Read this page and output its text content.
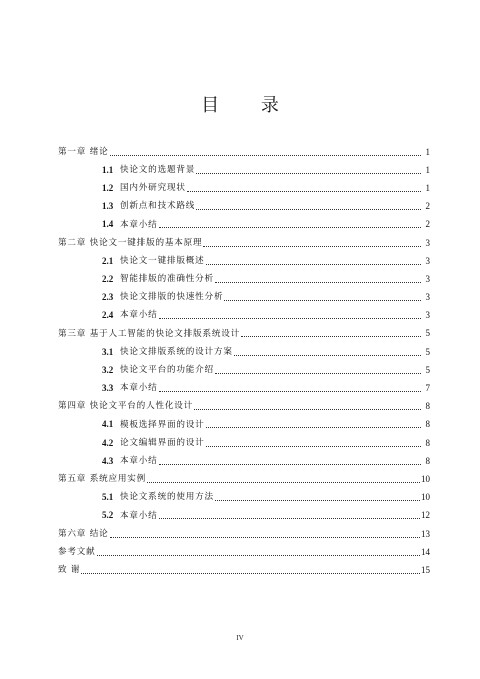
目 录
第一章 绪论	1
1.1 快论文的选题背景	1
1.2 国内外研究现状	1
1.3 创新点和技术路线	2
1.4 本章小结	2
第二章 快论文一键排版的基本原理	3
2.1 快论文一键排版概述	3
2.2 智能排版的准确性分析	3
2.3 快论文排版的快速性分析	3
2.4 本章小结	3
第三章 基于人工智能的快论文排版系统设计	5
3.1 快论文排版系统的设计方案	5
3.2 快论文平台的功能介绍	5
3.3 本章小结	7
第四章 快论文平台的人性化设计	8
4.1 模板选择界面的设计	8
4.2 论文编辑界面的设计	8
4.3 本章小结	8
第五章 系统应用实例	10
5.1 快论文系统的使用方法	10
5.2 本章小结	12
第六章 结论	13
参考文献	14
致 谢	15
IV
